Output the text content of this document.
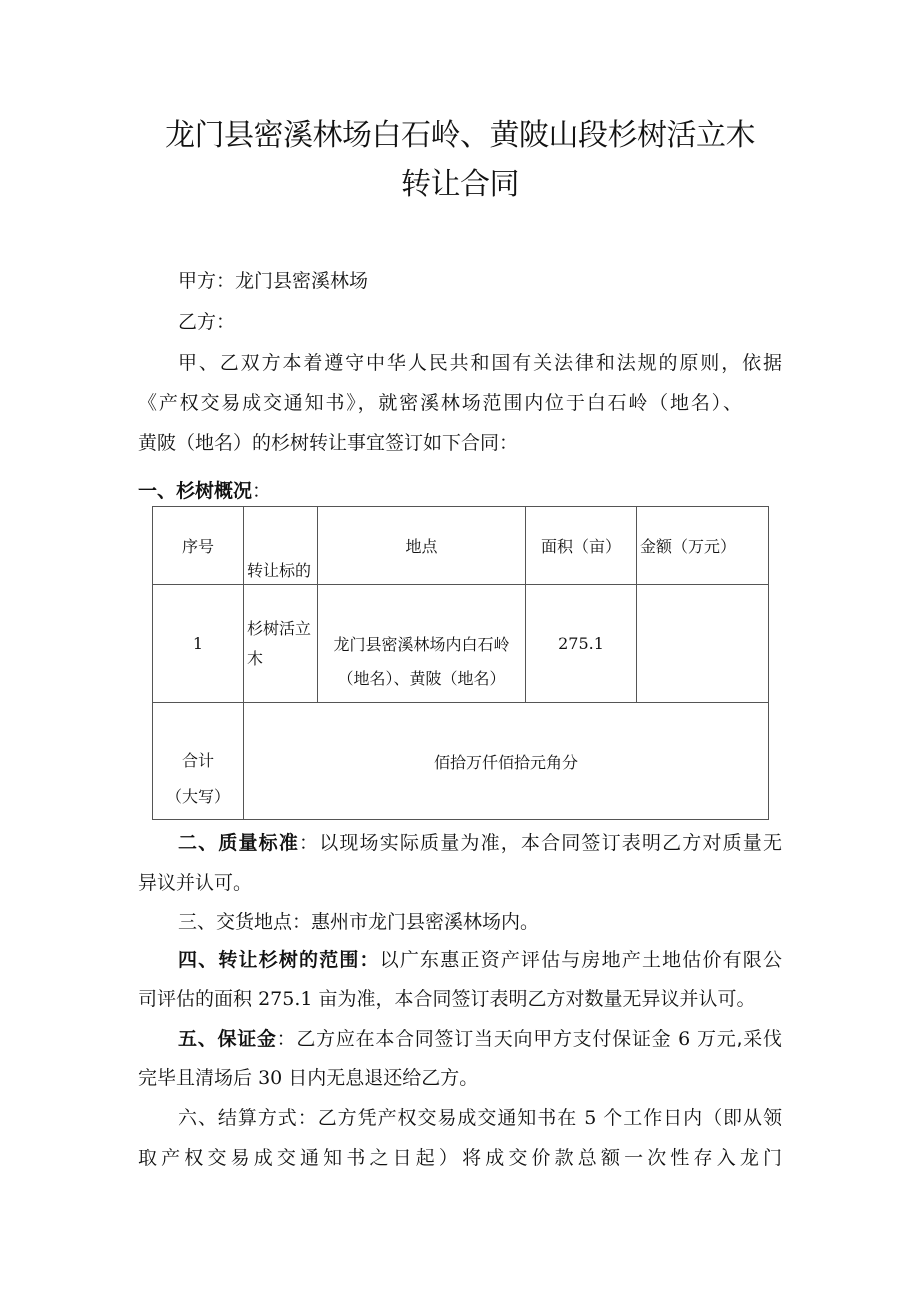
龙门县密溪林场白石岭、黄陂山段杉树活立木
转让合同
甲方：龙门县密溪林场
乙方：
甲、乙双方本着遵守中华人民共和国有关法律和法规的原则，依据
《产权交易成交通知书》，就密溪林场范围内位于白石岭（地名）、
黄陂（地名）的杉树转让事宜签订如下合同：
一、杉树概况：
序号	转让标的	地点	面积（亩）	金额（万元）
1	杉树活立木	龙门县密溪林场内白石岭
（地名）、黄陂（地名）	275.1	

合计
（大写）	佰拾万仟佰拾元角分			
二、质量标准：以现场实际质量为准，本合同签订表明乙方对质量无
异议并认可。
三、交货地点：惠州市龙门县密溪林场内。
四、转让杉树的范围：以广东惠正资产评估与房地产土地估价有限公
司评估的面积 275.1 亩为准，本合同签订表明乙方对数量无异议并认可。
五、保证金：乙方应在本合同签订当天向甲方支付保证金 6 万元,采伐
完毕且清场后 30 日内无息退还给乙方。
六、结算方式：乙方凭产权交易成交通知书在 5 个工作日内（即从领
取产权交易成交通知书之日起）将成交价款总额一次性存入龙门
